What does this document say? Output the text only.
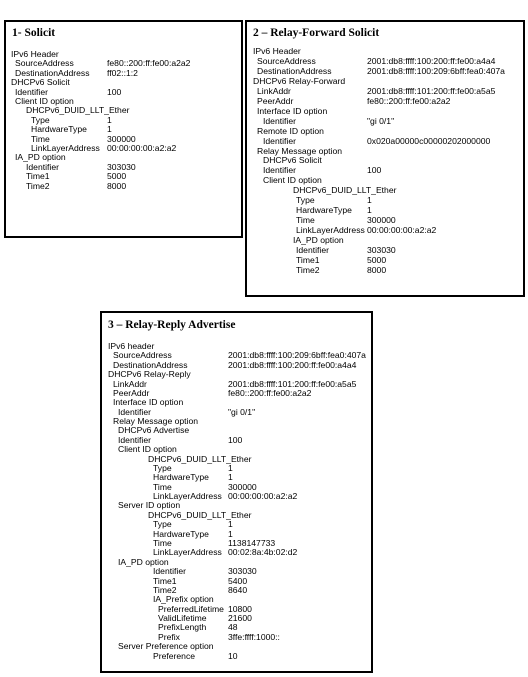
1- Solicit
IPv6 Header
SourceAddress	fe80::200:ff:fe00:a2a2
DestinationAddress ff02::1:2
DHCPv6 Solicit
Identifier	100
Client ID option
DHCPv6_DUID_LLT_Ether
Type	1
HardwareType 1
Time	300000
LinkLayerAddress 00:00:00:00:a2:a2
IA_PD option
Identifier	303030
Time1	5000
Time2	8000
2 – Relay-Forward Solicit
IPv6 Header
SourceAddress	2001:db8:ffff:100:200:ff:fe00:a4a4
DestinationAddress	2001:db8:ffff:100:209:6bff:fea0:407a
DHCPv6 Relay-Forward
LinkAddr	2001:db8:ffff:101:200:ff:fe00:a5a5
PeerAddr	fe80::200:ff:fe00:a2a2
Interface ID option
Identifier	"gi 0/1"
Remote ID option
Identifier	0x020a00000c00000202000000
Relay Message option
DHCPv6 Solicit
Identifier	100
Client ID option
DHCPv6_DUID_LLT_Ether
Type	1
HardwareType 1
Time	300000
LinkLayerAddress 00:00:00:00:a2:a2
IA_PD option
Identifier	303030
Time1	5000
Time2	8000
3 – Relay-Reply Advertise
IPv6 header
SourceAddress	2001:db8:ffff:100:209:6bff:fea0:407a
DestinationAddress	2001:db8:ffff:100:200:ff:fe00:a4a4
DHCPv6 Relay-Reply
LinkAddr	2001:db8:ffff:101:200:ff:fe00:a5a5
PeerAddr	fe80::200:ff:fe00:a2a2
Interface ID option
Identifier	"gi 0/1"
Relay Message option
DHCPv6 Advertise
Identifier	100
Client ID option
DHCPv6_DUID_LLT_Ether
Type	1
HardwareType 1
Time	300000
LinkLayerAddress 00:00:00:00:a2:a2
Server ID option
DHCPv6_DUID_LLT_Ether
Type	1
HardwareType 1
Time	1138147733
LinkLayerAddress 00:02:8a:4b:02:d2
IA_PD option
Identifier	303030
Time1	5400
Time2	8640
IA_Prefix option
PreferredLifetime 10800
ValidLifetime 21600
PrefixLength	48
Prefix	3ffe:ffff:1000::
Server Preference option
Preference	10
